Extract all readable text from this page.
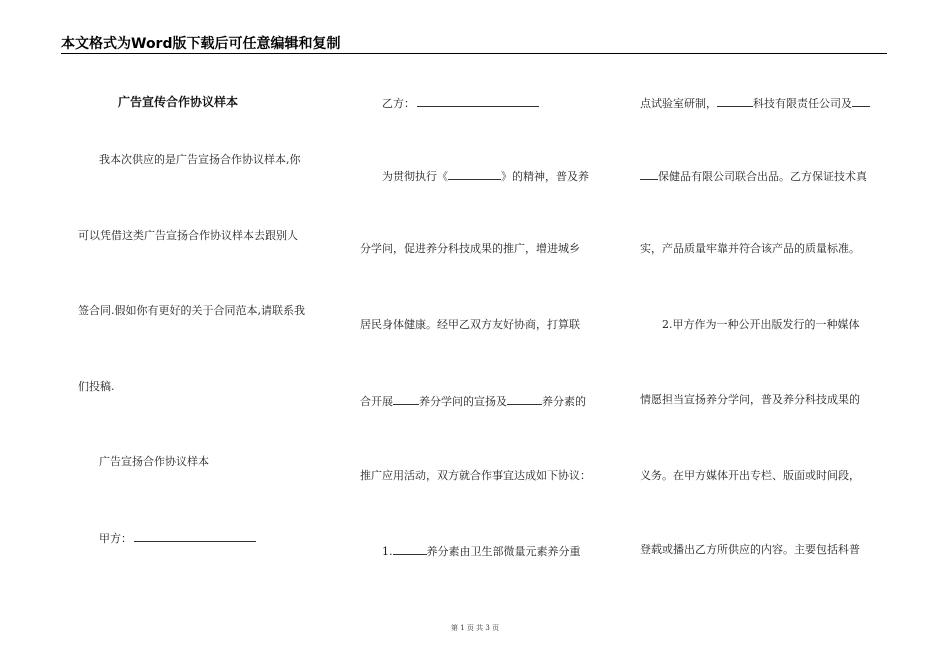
本文格式为Word版下载后可任意编辑和复制
广告宣传合作协议样本
我本次供应的是广告宣扬合作协议样本,你
可以凭借这类广告宣扬合作协议样本去跟别人
签合同.假如你有更好的关于合同范本,请联系我
们投稿.
广告宣扬合作协议样本
甲方：
乙方：
为贯彻执行《	》的精神，普及养
分学问，促进养分科技成果的推广，增进城乡
居民身体健康。经甲乙双方友好协商，打算联
合开展 养分学问的宣扬及	养分素的
推广应用活动，双方就合作事宜达成如下协议：
1.	养分素由卫生部微量元素养分重
点试验室研制，	科技有限责任公司及
保健品有限公司联合出品。乙方保证技术真
实，产品质量牢靠并符合该产品的质量标准。
2.甲方作为一种公开出版发行的一种媒体
情愿担当宣扬养分学问，普及养分科技成果的
义务。在甲方媒体开出专栏、版面或时间段，
登载或播出乙方所供应的内容。主要包括科普
第 1 页 共 3 页
